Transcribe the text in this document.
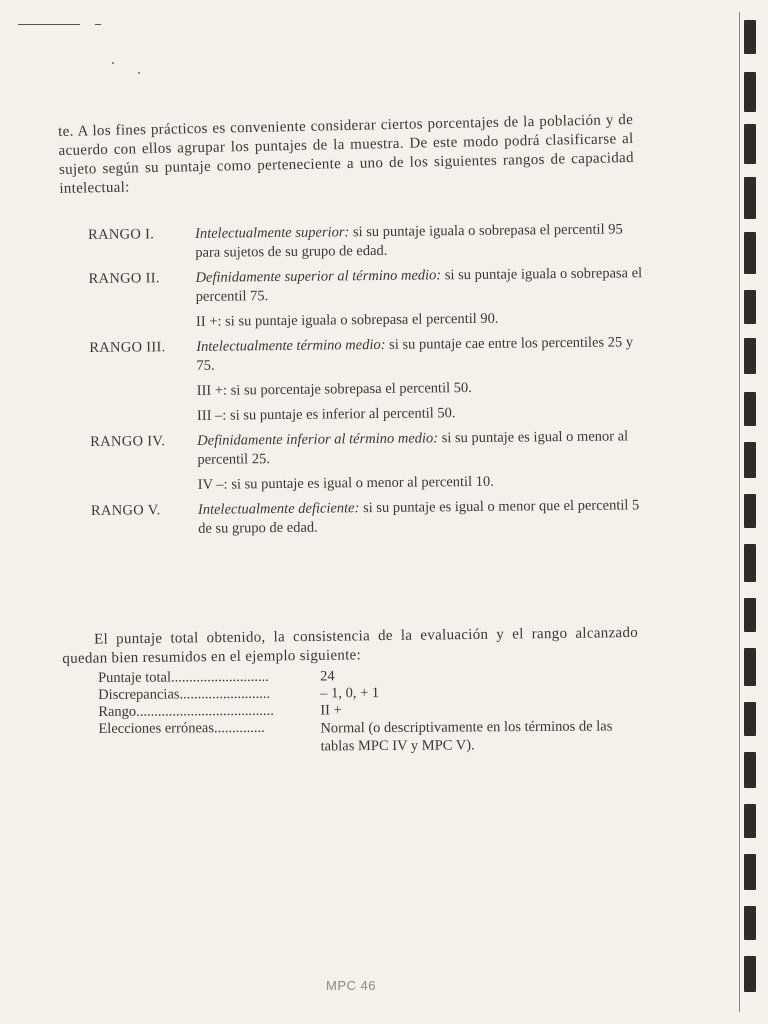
te. A los fines prácticos es conveniente considerar ciertos porcentajes de la población y de acuerdo con ellos agrupar los puntajes de la muestra. De este modo podrá clasificarse al sujeto según su puntaje como perteneciente a uno de los siguientes rangos de capacidad intelectual:

RANGO I.	Intelectualmente superior: si su puntaje iguala o sobrepasa el percentil 95 para sujetos de su grupo de edad.
RANGO II.	Definidamente superior al término medio: si su puntaje iguala o sobrepasa el percentil 75.
II +: si su puntaje iguala o sobrepasa el percentil 90.
RANGO III.	Intelectualmente término medio: si su puntaje cae entre los percentiles 25 y 75.
III +: si su porcentaje sobrepasa el percentil 50.
III –: si su puntaje es inferior al percentil 50.
RANGO IV.	Definidamente inferior al término medio: si su puntaje es igual o menor al percentil 25.
IV –: si su puntaje es igual o menor al percentil 10.
RANGO V.	Intelectualmente deficiente: si su puntaje es igual o menor que el percentil 5 de su grupo de edad.

El puntaje total obtenido, la consistencia de la evaluación y el rango alcanzado quedan bien resumidos en el ejemplo siguiente:

Puntaje total...........................	24
Discrepancias.........................	– 1, 0, + 1
Rango......................................	II +
Elecciones erróneas..............	Normal (o descriptivamente en los términos de las tablas MPC IV y MPC V).
MPC 46
